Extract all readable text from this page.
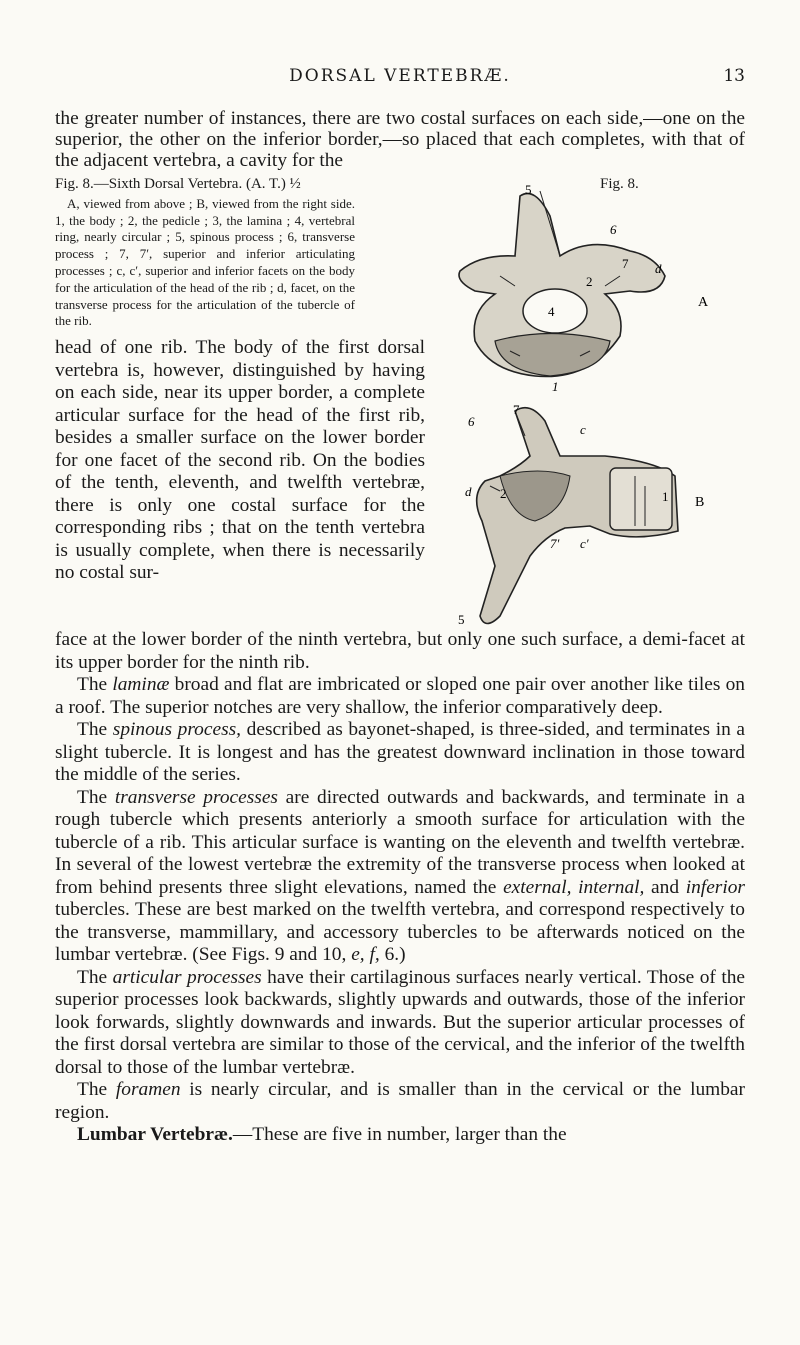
DORSAL VERTEBRÆ.	13
the greater number of instances, there are two costal surfaces on each side,—one on the superior, the other on the inferior border,—so placed that each completes, with that of the adjacent vertebra, a cavity for the
Fig. 8.—Sixth Dorsal Vertebra. (A. T.) ½
A, viewed from above ; B, viewed from the right side. 1, the body ; 2, the pedicle ; 3, the lamina ; 4, vertebral ring, nearly circular ; 5, spinous process ; 6, transverse process ; 7, 7′, superior and inferior articulating processes ; c, c′, superior and inferior facets on the body for the articulation of the head of the rib ; d, facet, on the transverse process for the articulation of the tubercle of the rib.
head of one rib. The body of the first dorsal vertebra is, however, distinguished by having on each side, near its upper border, a complete articular surface for the head of the first rib, besides a smaller surface on the lower border for one facet of the second rib. On the bodies of the tenth, eleventh, and twelfth vertebræ, there is only one costal surface for the corresponding ribs ; that on the tenth vertebra is usually complete, when there is necessarily no costal sur-
Fig. 8.
5
6
7 d
4
2
1
A
7
6
d 2
c
1
7′ c′
5
B

face at the lower border of the ninth vertebra, but only one such surface, a demi-facet at its upper border for the ninth rib.

The laminæ broad and flat are imbricated or sloped one pair over another like tiles on a roof. The superior notches are very shallow, the inferior comparatively deep.

The spinous process, described as bayonet-shaped, is three-sided, and terminates in a slight tubercle. It is longest and has the greatest downward inclination in those toward the middle of the series.

The transverse processes are directed outwards and backwards, and terminate in a rough tubercle which presents anteriorly a smooth surface for articulation with the tubercle of a rib. This articular surface is wanting on the eleventh and twelfth vertebræ. In several of the lowest vertebræ the extremity of the transverse process when looked at from behind presents three slight elevations, named the external, internal, and inferior tubercles. These are best marked on the twelfth vertebra, and correspond respectively to the transverse, mammillary, and accessory tubercles to be afterwards noticed on the lumbar vertebræ. (See Figs. 9 and 10, e, f, 6.)

The articular processes have their cartilaginous surfaces nearly vertical. Those of the superior processes look backwards, slightly upwards and outwards, those of the inferior look forwards, slightly downwards and inwards. But the superior articular processes of the first dorsal vertebra are similar to those of the cervical, and the inferior of the twelfth dorsal to those of the lumbar vertebræ.

The foramen is nearly circular, and is smaller than in the cervical or the lumbar region.

Lumbar Vertebræ.—These are five in number, larger than the
